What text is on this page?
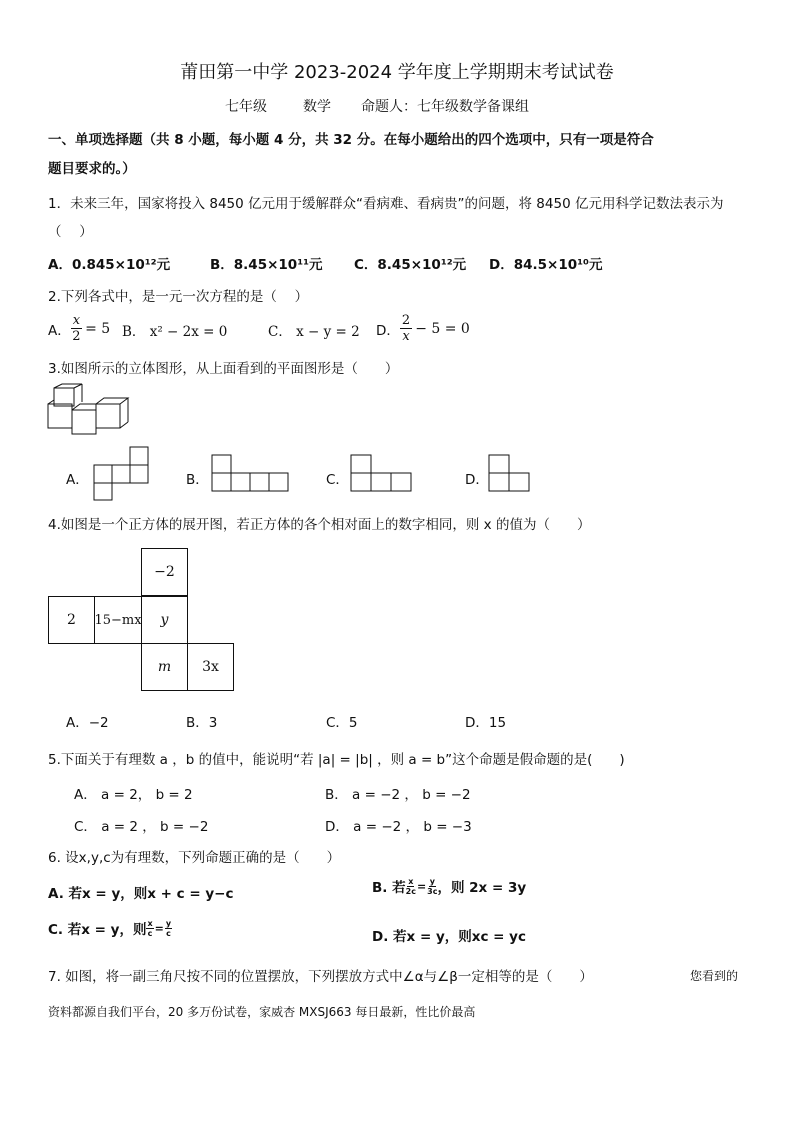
莆田第一中学 2023-2024 学年度上学期期末考试试卷
七年级	数学 命题人：七年级数学备课组
一、单项选择题（共 8 小题，每小题 4 分，共 32 分。在每小题给出的四个选项中，只有一项是符合
题目要求的。）
1．未来三年，国家将投入 8450 亿元用于缓解群众“看病难、看病贵”的问题，将 8450 亿元用科学记数法表示为
（　 ）
A．0.845×10¹²元	B．8.45×10¹¹元 C．8.45×10¹²元 D．84.5×10¹⁰元
2.下列各式中，是一元一次方程的是（　 ）
A． $\frac{x}{2} = 5$ B． x² − 2x = 0	C． x − y = 2 D． $\frac{2}{x} - 5 = 0$
3.如图所示的立体图形，从上面看到的平面图形是（　　）
A．	B．	C．	D．
4.如图是一个正方体的展开图，若正方体的各个相对面上的数字相同，则 x 的值为（　　）
−2
2	15−mx	y
m	3x
A．−2	B．3	C．5	D．15
5.下面关于有理数 a ，b 的值中，能说明“若 |a| = |b| ，则 a = b”这个命题是假命题的是(　　)
A． a = 2， b = 2	B． a = −2 ， b = −2
C． a = 2 ， b = −2	D． a = −2 ， b = −3
6. 设x,y,c为有理数，下列命题正确的是（　　）
A. 若x = y，则x + c = y−c	B. 若 $\frac{x}{2c} = \frac{y}{3c}$ ，则 2x = 3y
C. 若x = y，则 $\frac{x}{c} = \frac{y}{c}$	D. 若x = y，则xc = yc
7. 如图，将一副三角尺按不同的位置摆放，下列摆放方式中∠α与∠β一定相等的是（　　）	您看到的
资料都源自我们平台，20 多万份试卷，家威杏 MXSJ663 每日最新，性比价最高
